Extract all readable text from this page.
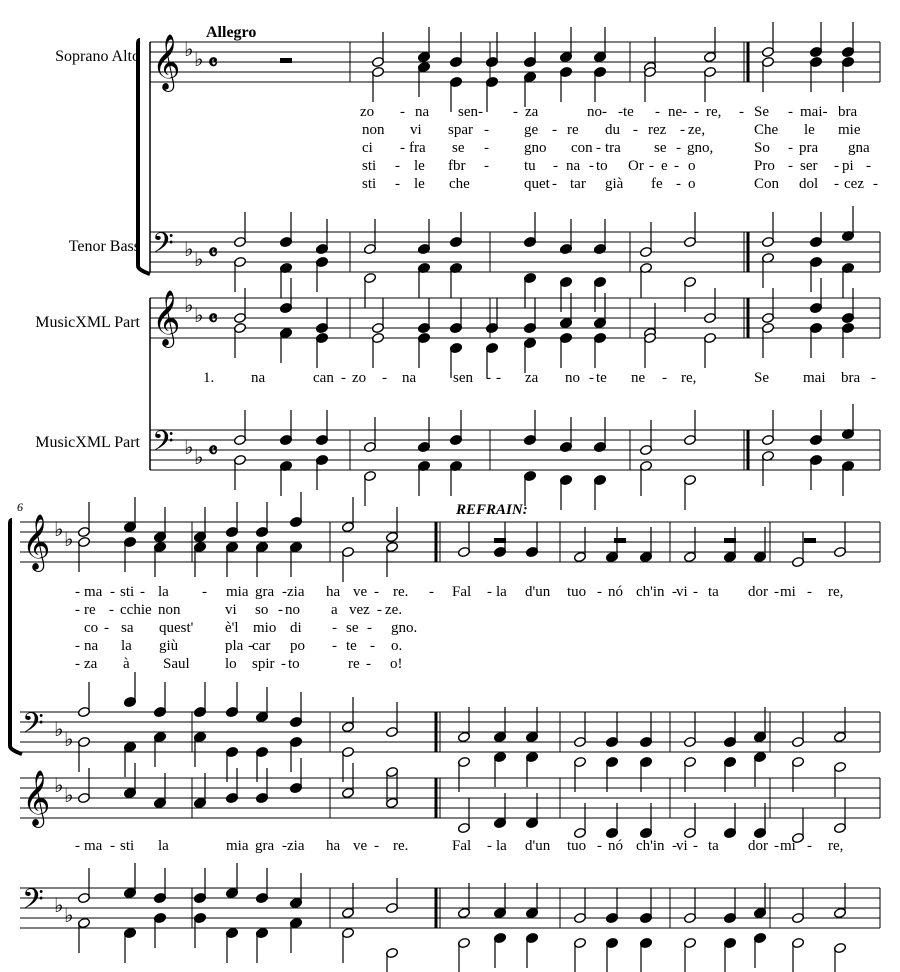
𝄞 ♭ ♭ 𝄴
𝄢 ♭ ♭ 𝄴
𝄞 ♭ ♭ 𝄴
𝄢 ♭ ♭ 𝄴
𝄞 ♭ ♭
𝄢 ♭ ♭
𝄞 ♭ ♭
𝄢 ♭ ♭
Allegro
REFRAIN:
6
Soprano Alto
Tenor Bass
MusicXML Part
MusicXML Part
zo - na sen- - za	no- - te - ne- - re, - Se - mai- bra
non vi spar - ge - re du - rez - ze,	Che le mie
ci - fra se - gno con - tra se - gno,	So - pra gna
sti - le fbr - tu - na - to Or - e - o	Pro - ser - pi -
sti - le che	quet - tar già fe - o	Con dol - cez -
- ma - sti - la - mia gra - zia ha ve - re. - Fal - la d'un tuo - nó ch'in - vi - ta dor - mi - re,
- re - cchie non	vi so - no a vez - ze.
co - sa quest' è'l mio di - se - gno.
- na la giù	pla - car po - te - o.
- za à Saul lo spir - to	re - o!
1. na	can - zo - na sen - - za no - te ne - re,	Se mai bra -
- ma - sti la	mia gra - zia ha ve - re.	Fal - la d'un tuo - nó ch'in - vi - ta dor - mi - re,
